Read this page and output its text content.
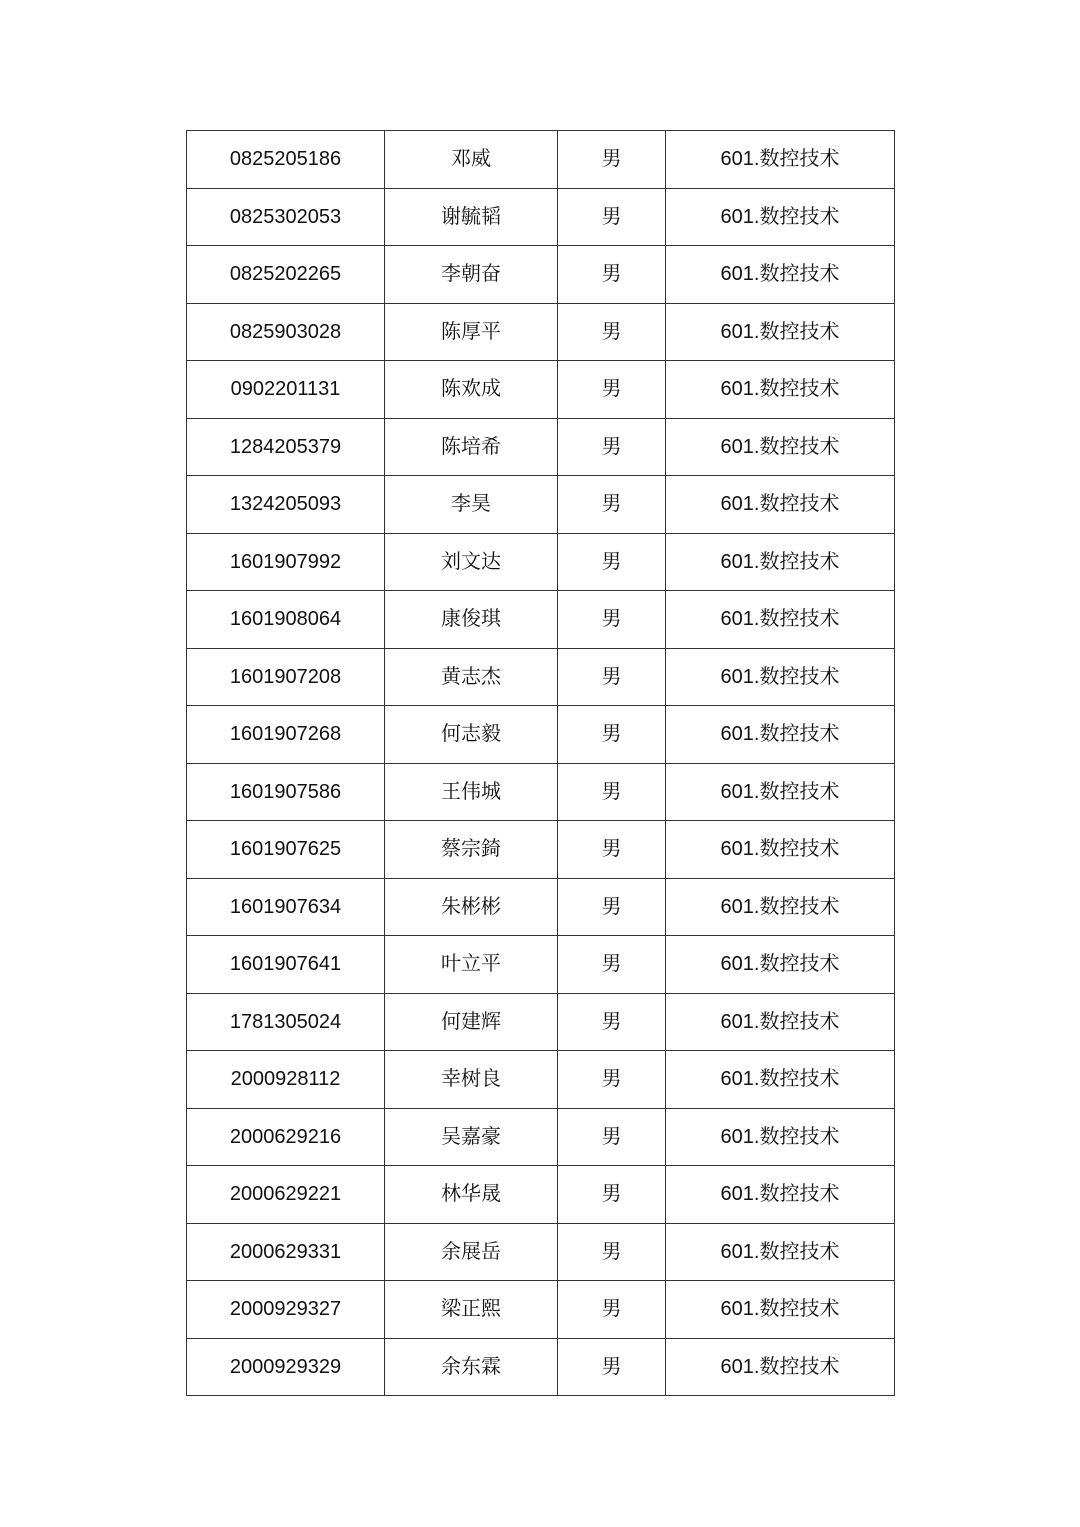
0825205186	邓威	男	601.数控技术
0825302053	谢毓韬	男	601.数控技术
0825202265	李朝奋	男	601.数控技术
0825903028	陈厚平	男	601.数控技术
0902201131	陈欢成	男	601.数控技术
1284205379	陈培希	男	601.数控技术
1324205093	李昊	男	601.数控技术
1601907992	刘文达	男	601.数控技术
1601908064	康俊琪	男	601.数控技术
1601907208	黄志杰	男	601.数控技术
1601907268	何志毅	男	601.数控技术
1601907586	王伟城	男	601.数控技术
1601907625	蔡宗錡	男	601.数控技术
1601907634	朱彬彬	男	601.数控技术
1601907641	叶立平	男	601.数控技术
1781305024	何建辉	男	601.数控技术
2000928112	幸树良	男	601.数控技术
2000629216	吴嘉豪	男	601.数控技术
2000629221	林华晟	男	601.数控技术
2000629331	余展岳	男	601.数控技术
2000929327	梁正熙	男	601.数控技术
2000929329	余东霖	男	601.数控技术
